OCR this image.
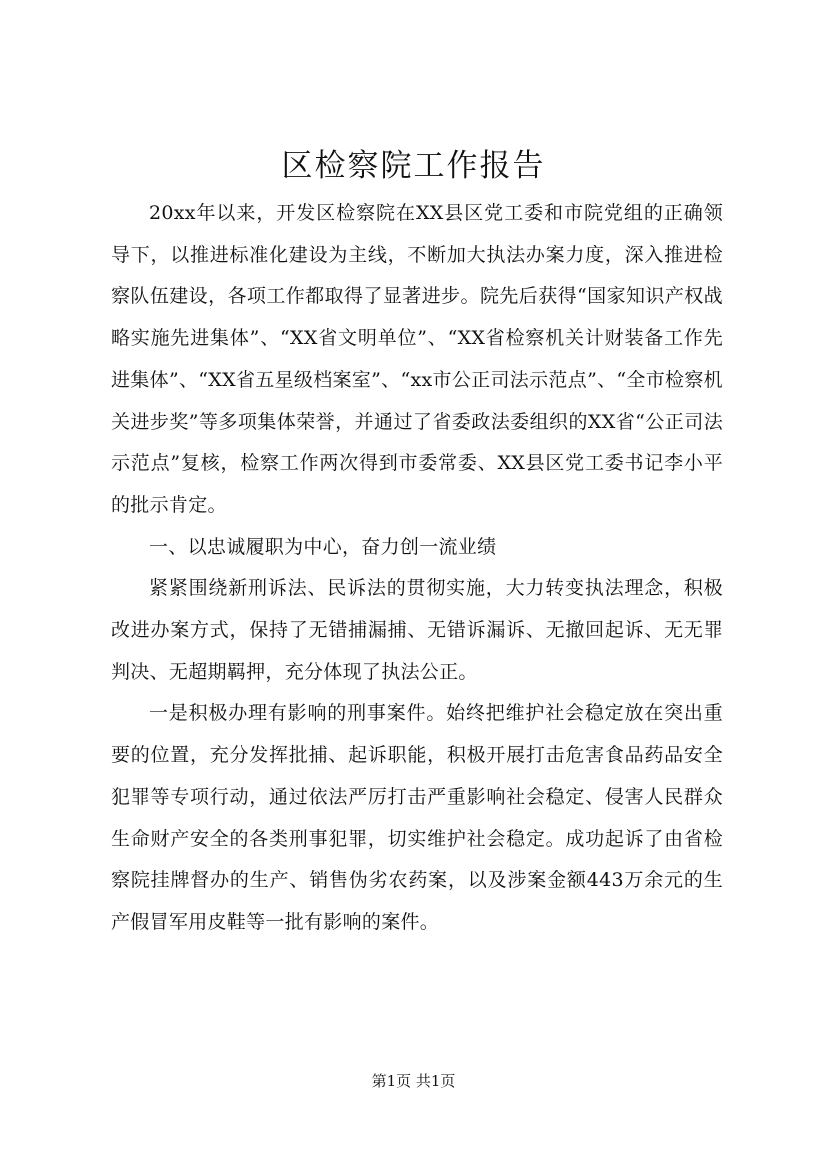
区检察院工作报告

20xx年以来，开发区检察院在XX县区党工委和市院党组的正确领导下，以推进标准化建设为主线，不断加大执法办案力度，深入推进检察队伍建设，各项工作都取得了显著进步。院先后获得“国家知识产权战略实施先进集体”、“XX省文明单位”、“XX省检察机关计财装备工作先进集体”、“XX省五星级档案室”、“xx市公正司法示范点”、“全市检察机关进步奖”等多项集体荣誉，并通过了省委政法委组织的XX省“公正司法示范点”复核，检察工作两次得到市委常委、XX县区党工委书记李小平的批示肯定。

一、以忠诚履职为中心，奋力创一流业绩

紧紧围绕新刑诉法、民诉法的贯彻实施，大力转变执法理念，积极改进办案方式，保持了无错捕漏捕、无错诉漏诉、无撤回起诉、无无罪判决、无超期羁押，充分体现了执法公正。

一是积极办理有影响的刑事案件。始终把维护社会稳定放在突出重要的位置，充分发挥批捕、起诉职能，积极开展打击危害食品药品安全犯罪等专项行动，通过依法严厉打击严重影响社会稳定、侵害人民群众生命财产安全的各类刑事犯罪，切实维护社会稳定。成功起诉了由省检察院挂牌督办的生产、销售伪劣农药案，以及涉案金额443万余元的生产假冒军用皮鞋等一批有影响的案件。

第1页 共1页
